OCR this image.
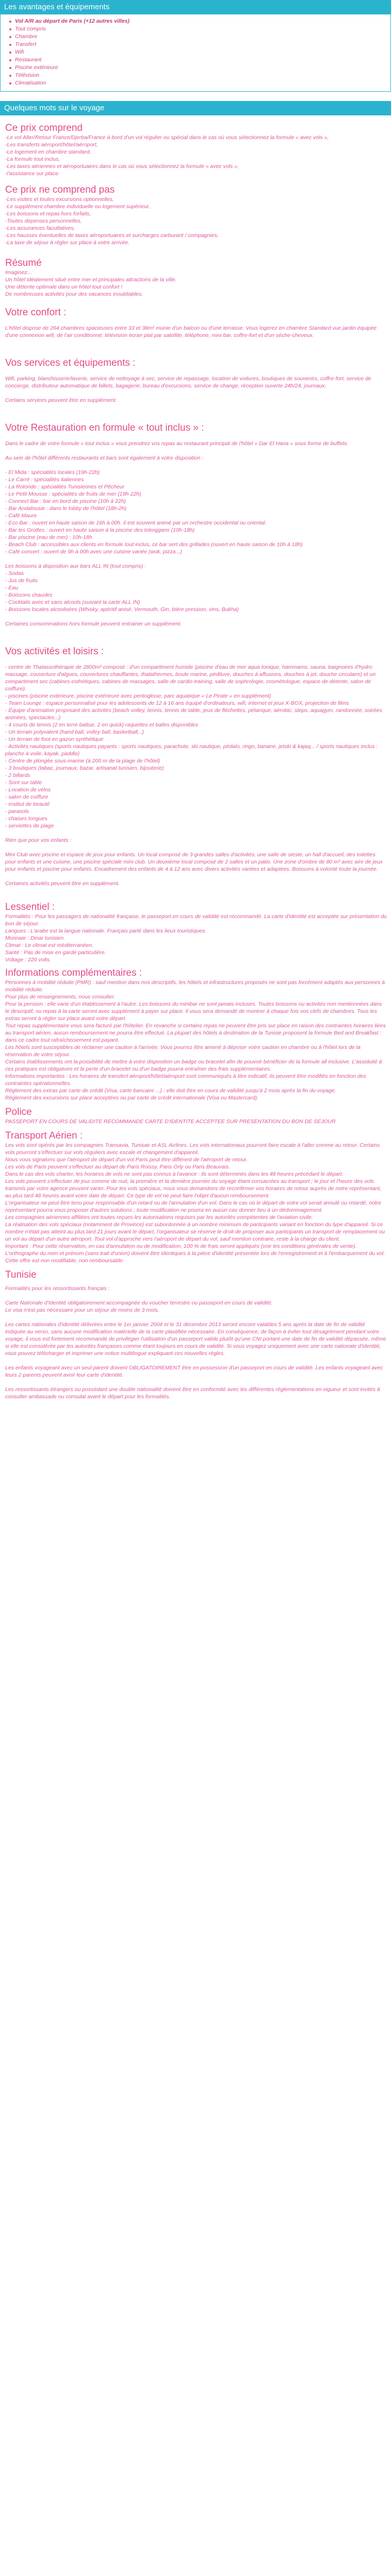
Les avantages et équipements
Vol A/R au départ de Paris (+12 autres villes)
Tout compris
Chambre
Transfert
Wifi
Restaurant
Piscine extérieure
Télévision
Climatisation
Quelques mots sur le voyage
Ce prix comprend

-Le vol Aller/Retour France/Djerba/France à bord d'un vol régulier ou spécial dans le cas où vous sélectionnez la formule « avec vols »,
-Les transferts aéroport/hôtel/aéroport,
-Le logement en chambre standard,
-La formule tout inclus,
-Les taxes aériennes et aéroportuaires dans le cas où vous sélectionnez la formule « avec vols »,
-l'assistance sur place.

Ce prix ne comprend pas

-Les visites et toutes excursions optionnelles,
-Le supplément chambre individuelle ou logement supérieur,
-Les boissons et repas hors forfaits,
-Toutes dépenses personnelles,
-Les assurances facultatives,
-Les hausses éventuelles de taxes aéroportuaires et surcharges carburant / compagnies,
-La taxe de séjour à régler sur place à votre arrivée.

Résumé

Imaginez...
Un hôtel idéalement situé entre mer et principales attractions de la ville.
Une détente optimale dans un hôtel tout confort !
De nombreuses activités pour des vacances inoubliables.

Votre confort :

L'hôtel dispose de 264 chambres spacieuses entre 33 et 38m² munie d'un balcon ou d'une terrasse. Vous logerez en chambre Standard vue jardin équipée d'une connexion wifi, de l'air conditionné, télévision écran plat par satellite, téléphone, mini bar, coffre-fort et d'un sèche-cheveux.

Vos services et équipements :

Wifi, parking, blanchisserie/laverie, service de nettoyage à sec, service de repassage, location de voitures, boutiques de souvenirs, coffre-fort, service de concierge, distributeur automatique de billets, bagagerie, bureau d'excursions, service de change, réception ouverte 24h/24, journaux.

Certains services peuvent être en supplément.

Votre Restauration en formule « tout inclus » :

Dans le cadre de votre formule « tout inclus » vous prendrez vos repas au restaurant principal de l'hôtel « Dar El Hana » sous forme de buffets.

Au sein de l'hôtel différents restaurants et bars sont également à votre disposition :

- El Mida : spécialités locales (19h-22h)
- Le Carré : spécialités italiennes
- La Rotonde : spécialités Tunisiennes et Pêcheur
- Le Petit Mousse : spécialités de fruits de mer (19h-22h)
- Connect Bar : bar en bord de piscine (10h à 22h)
- Bar Andalousie : dans le lobby de l'hôtel (18h-2h)
- Café Maure
- Eco Bar : ouvert en haute saison de 16h à 00h. Il est souvent animé par un orchestre occidental ou oriental.
- Bar les Grottes : ouvert en haute saison à la piscine des toboggans (10h-18h)
- Bar piscine (eau de mer) : 10h-18h
- Beach Club : accessibles aux clients en formule tout inclus, ce bar sert des grillades (ouvert en haute saison de 10h à 18h)
- Café concert : ouvert de 9h à 00h avec une cuisine variée (wok, pizza...)

Les boissons à disposition aux bars ALL IN (tout compris) :
- Sodas
- Jus de fruits
- Eau
- Boissons chaudes
- Cocktails avec et sans alcools (suivant la carte ALL IN)
- Boissons locales alcoolisées (Whisky, apéritif anisé, Vermouth, Gin, bière pression, vins, Bukha)

Certaines consommations hors formule peuvent entrainer un supplément.

Vos activités et loisirs :

- centre de Thalassothérapie de 2800m² composé : d'un compartiment humide (piscine d'eau de mer aqua tonique, hammams, sauna, baignoires d'hydro massage, couverture d'algues, couvertures chauffantes, thalathermes, boule marine, pédiluve, douches à affusions, douches à jet, douche circulaire) et un compartiment sec (cabines esthétiques, cabines de massages, salle de cardio-training, salle de sophrologie, cosmétologue, espace de détente, salon de coiffure).
- piscines (piscine extérieure, piscine extérieure avec pentoglisse, parc aquatique « Le Pirate » en supplément)
- Team Lounge : espace personnalisé pour les adolescents de 12 à 16 ans équipé d'ordinateurs, wifi, internet et jeux X-BOX, projection de films
- Équipe d'animation proposant des activités (beach volley, tennis, tennis de table, jeux de fléchettes, pétanque, aérobic, steps, aquagym, randonnée, soirées animées, spectacles...)
- 4 courts de tennis (2 en terre battue, 2 en quick) raquettes et balles disponibles
- Un terrain polyvalent (hand ball, volley ball, basketball...)
- Un terrain de foot en gazon synthétique
- Activités nautiques (sports nautiques payants : sports nautiques, parachute, ski nautique, pédalo, ringo, banane, jetski & kajaq... / sports nautiques inclus : planche à voile, kayak, paddle)
- Centre de plongée sous-marine (à 200 m de la plage de l'hôtel)
- 3 boutiques (tabac, journaux, bazar, artisanat tunisien, bijouterie)
- 2 billards
- Sont sur table
- Location de vélos
- salon de coiffure
- institut de beauté
- parasols
- chaises longues
- serviettes de plage

Rien que pour vos enfants :

Mini Club avec piscine et espace de jeux pour enfants. Un local composé de 3 grandes salles d'activités, une salle de sieste, un hall d'accueil, des toilettes pour enfants et une cuisine, une piscine spéciale mini club. Un deuxième local composé de 2 salles et un patio. Une zone d'ombre de 80 m² avec aire de jeux pour enfants et piscine pour enfants. Encadrement des enfants de 4 à 12 ans avec divers activités variées et adaptées. Boissons à volonté toute la journée.

Certaines activités peuvent être en supplément.

Lessentiel :

Formalités : Pour les passagers de nationalité française, le passeport en cours de validité est recommandé. La carte d'identité est acceptée sur présentation du bon de séjour.
Langues : L'arabe est la langue nationale. Français parlé dans les lieux touristiques.
Monnaie : Dinar tunisien.
Climat : Le climat est méditerranéen.
Santé : Pas de mise en garde particulière.
Voltage : 220 volts.

Informations complémentaires :

Personnes à mobilité réduite (PMR) : sauf mention dans nos descriptifs, les hôtels et infrastructures proposés ne sont pas forcément adaptés aux personnes à mobilité réduite.
Pour plus de renseignements, nous consulter.
Pour la pension : elle varie d'un établissement à l'autre. Les boissons du minibar ne sont jamais incluses. Toutes boissons ou activités non mentionnées dans le descriptif, ou repas à la carte seront avec supplément à payer sur place. Il vous sera demandé de montrer à chaque fois vos clefs de chambres. Tous les extras seront à régler sur place avant votre départ.
Tout repas supplémentaire vous sera facturé par l'hôtelier. En revanche si certains repas ne peuvent être pris sur place en raison des contraintes horaires liées au transport aérien, aucun remboursement ne pourra être effectué. La plupart des hôtels à destination de la Tunisie proposent la formule Bed and Breakfast : dans ce cadre tout rafraîchissement est payant.
Les hôtels sont susceptibles de réclamer une caution à l'arrivée. Vous pourrez être amené à déposer votre caution en chambre ou à l'hôtel lors de la réservation de votre séjour.
Certains établissements ont la possibilité de mettre à votre disposition un badge ou bracelet afin de pouvoir bénéficier de la formule all inclusive. L'assiduité à ces pratiques est obligatoire et la perte d'un bracelet ou d'un badge pourra entraîner des frais supplémentaires.
Informations importantes : Les horaires de transfert aéroport/hôtel/aéroport sont communiqués à titre indicatif, ils peuvent être modifiés en fonction des contraintes opérationnelles.
Règlement des extras par carte de crédit (Visa, carte bancaire ...) : elle doit être en cours de validité jusqu'à 2 mois après la fin du voyage.
Règlement des excursions sur place acceptées ou par carte de crédit internationale (Visa ou Mastercard).

Police

PASSEPORT EN COURS DE VALIDITE RECOMMANDE CARTE D'IDENTITE ACCEPTEE SUR PRESENTATION DU BON DE SEJOUR

Transport Aérien :

Les vols sont opérés par les compagnies Transavia, Tunisair et ASL Airlines. Les vols internationaux pourront faire escale à l'aller comme au retour. Certains vols pourront s'effectuer sur vols réguliers avec escale et changement d'appareil.
Nous vous signalons que l'aéroport de départ d'un vol Paris peut être différent de l'aéroport de retour.
Les vols de Paris peuvent s'effectuer au départ de Paris Roissy, Paris Orly ou Paris Beauvais.
Dans le cas des vols charter, les horaires de vols ne sont pas connus à l'avance : ils sont déterminés dans les 48 heures précédant le départ.
Les vols peuvent s'effectuer de jour comme de nuit, la première et la dernière journée du voyage étant consacrées au transport ; le jour et l'heure des vols transmis par votre agence peuvent varier. Pour les vols spéciaux, nous vous demandons de reconfirmer vos horaires de retour auprès de notre représentant, au plus tard 48 heures avant votre date de départ. Ce type de vol ne peut faire l'objet d'aucun remboursement.
L'organisateur ne peut être tenu pour responsable d'un retard ou de l'annulation d'un vol. Dans le cas où le départ de votre vol serait annulé ou retardé, notre représentant pourra vous proposer d'autres solutions ; toute modification ne pourra en aucun cas donner lieu à un dédommagement.
Les compagnies aériennes affiliées ont toutes reçues les autorisations requises par les autorités compétentes de l'aviation civile.
La réalisation des vols spéciaux (notamment de Province) est subordonnée à un nombre minimum de participants variant en fonction du type d'appareil. Si ce nombre n'était pas atteint au plus tard 21 jours avant le départ, l'organisateur se réserve le droit de proposer aux participants un transport de remplacement ou un vol au départ d'un autre aéroport. Tout vol d'approche vers l'aéroport de départ du vol, sauf mention contraire, reste à la charge du client.
Important : Pour cette réservation, en cas d'annulation ou de modification, 100 % de frais seront appliqués (voir les conditions générales de vente).
L'orthographe du nom et prénom (sans trait d'union) doivent être identiques à la pièce d'identité présentée lors de l'enregistrement et à l'embarquement du vol.
Cette offre est non modifiable, non remboursable.

Tunisie

Formalités pour les ressortissants français :

Carte Nationale d'Identité obligatoirement accompagnée du voucher terrestre ou passeport en cours de validité.
Le visa n'est pas nécessaire pour un séjour de moins de 3 mois.

Les cartes nationales d'identité délivrées entre le 1er janvier 2004 et le 31 décembre 2013 seront encore valables 5 ans après la date de fin de validité indiquée au verso, sans aucune modification matérielle de la carte plastifiée nécessaire. En conséquence, de façon à éviter tout désagrément pendant votre voyage, il vous est fortement recommandé de privilégier l'utilisation d'un passeport valide plutôt qu'une CNI portant une date de fin de validité dépassée, même si elle est considérée par les autorités françaises comme étant toujours en cours de validité. Si vous voyagez uniquement avec une carte nationale d'identité, vous pouvez télécharger et imprimer une notice multilingue expliquant ces nouvelles règles.

Les enfants voyageant avec un seul parent doivent OBLIGATOIREMENT être en possession d'un passeport en cours de validité. Les enfants voyageant avec leurs 2 parents peuvent avoir leur carte d'identité.

Les ressortissants étrangers ou possédant une double nationalité doivent être en conformité avec les différentes réglementations en vigueur et sont invités à consulter ambassade ou consulat avant le départ pour les formalités.
